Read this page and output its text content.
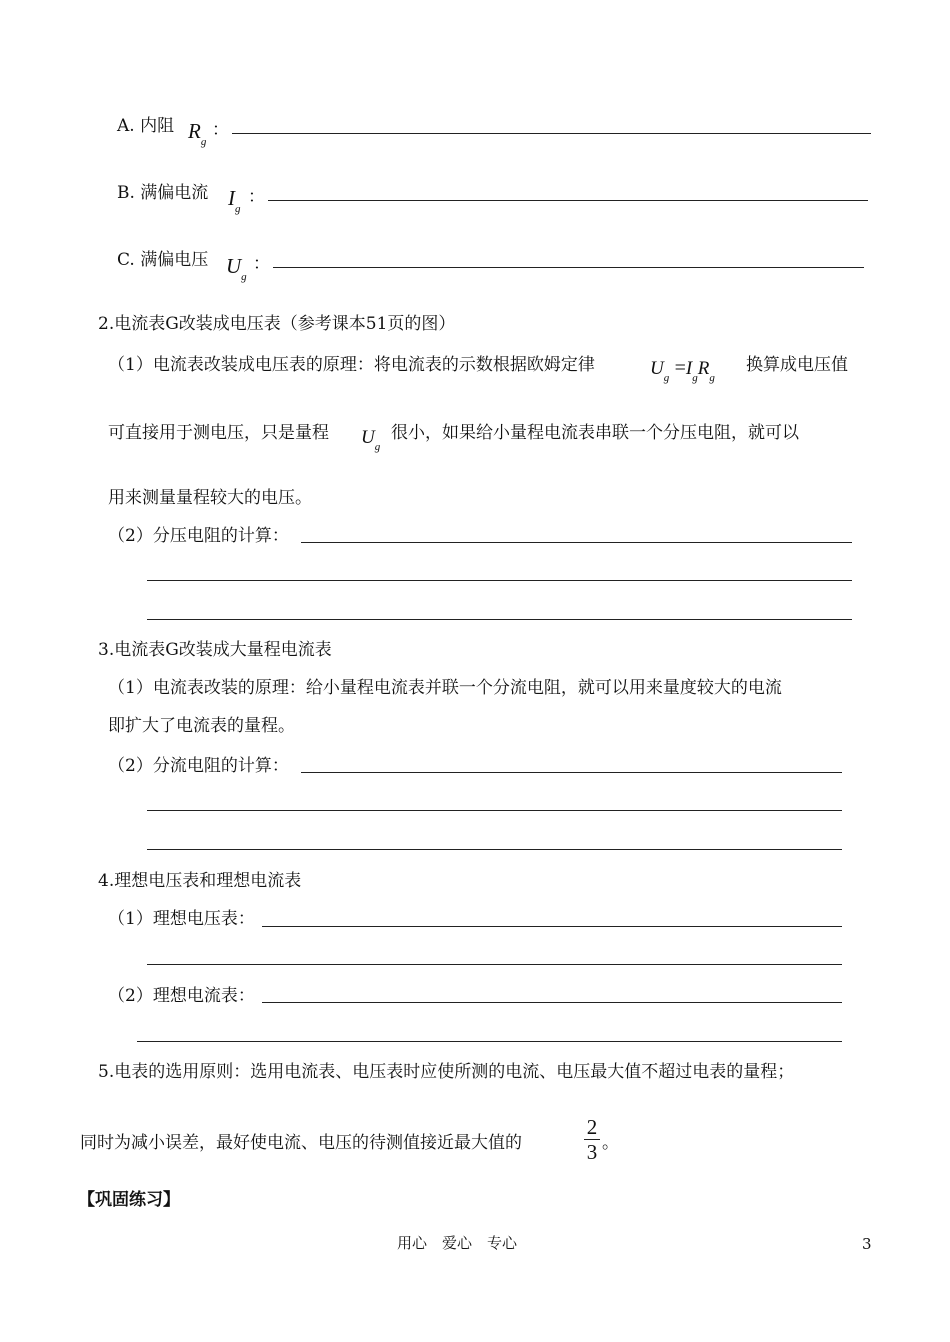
A. 内阻 $R_g$
：
B. 满偏电流 $I_g$
：
C. 满偏电压 $U_g$
：
2.电流表G改装成电压表（参考课本51页的图）
（1）电流表改装成电压表的原理：将电流表的示数根据欧姆定律	$U_g =I_gR_g$
换算成电压值
可直接用于测电压，只是量程 $U_g$
很小，如果给小量程电流表串联一个分压电阻，就可以
用来测量量程较大的电压。
（2）分压电阻的计算：
3.电流表G改装成大量程电流表
（1）电流表改装的原理：给小量程电流表并联一个分流电阻，就可以用来量度较大的电流
即扩大了电流表的量程。
（2）分流电阻的计算：
4.理想电压表和理想电流表
（1）理想电压表：
（2）理想电流表：
5.电表的选用原则：选用电流表、电压表时应使所测的电流、电压最大值不超过电表的量程；
同时为减小误差，最好使电流、电压的待测值接近最大值的
2
3 。
【巩固练习】
用心　爱心　专心	3
